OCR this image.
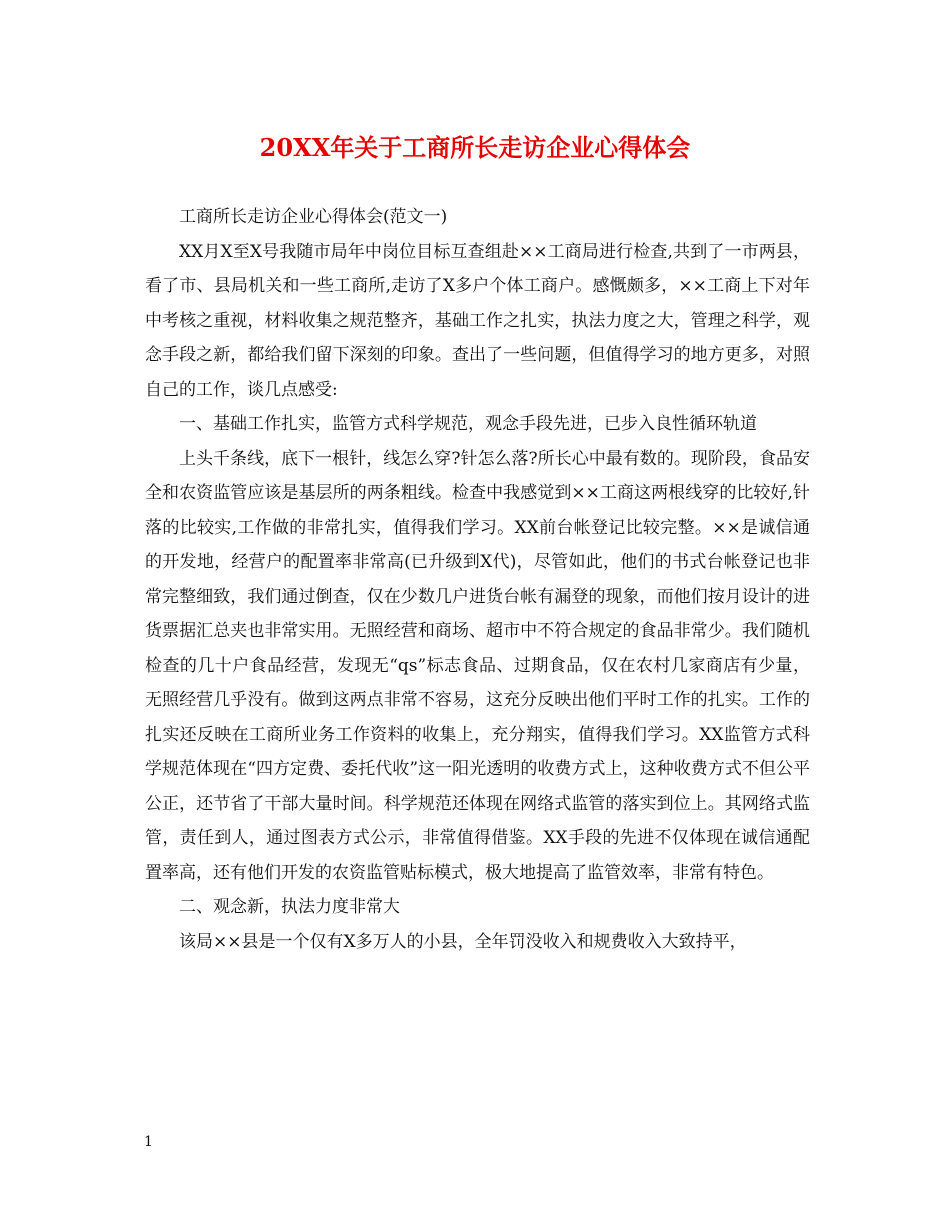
20XX年关于工商所长走访企业心得体会

工商所长走访企业心得体会(范文一)

XX月X至X号我随市局年中岗位目标互查组赴××工商局进行检查,共到了一市两县，看了市、县局机关和一些工商所,走访了X多户个体工商户。感慨颇多，××工商上下对年中考核之重视，材料收集之规范整齐，基础工作之扎实，执法力度之大，管理之科学，观念手段之新，都给我们留下深刻的印象。查出了一些问题，但值得学习的地方更多，对照自己的工作，谈几点感受:

一、基础工作扎实，监管方式科学规范，观念手段先进，已步入良性循环轨道

上头千条线，底下一根针，线怎么穿?针怎么落?所长心中最有数的。现阶段，食品安全和农资监管应该是基层所的两条粗线。检查中我感觉到××工商这两根线穿的比较好,针落的比较实,工作做的非常扎实，值得我们学习。XX前台帐登记比较完整。××是诚信通的开发地，经营户的配置率非常高(已升级到X代)，尽管如此，他们的书式台帐登记也非常完整细致，我们通过倒查，仅在少数几户进货台帐有漏登的现象，而他们按月设计的进货票据汇总夹也非常实用。无照经营和商场、超市中不符合规定的食品非常少。我们随机检查的几十户食品经营，发现无“qs”标志食品、过期食品，仅在农村几家商店有少量，无照经营几乎没有。做到这两点非常不容易，这充分反映出他们平时工作的扎实。工作的扎实还反映在工商所业务工作资料的收集上，充分翔实，值得我们学习。XX监管方式科学规范体现在“四方定费、委托代收”这一阳光透明的收费方式上，这种收费方式不但公平公正，还节省了干部大量时间。科学规范还体现在网络式监管的落实到位上。其网络式监管，责任到人，通过图表方式公示，非常值得借鉴。XX手段的先进不仅体现在诚信通配置率高，还有他们开发的农资监管贴标模式，极大地提高了监管效率，非常有特色。

二、观念新，执法力度非常大

该局××县是一个仅有X多万人的小县，全年罚没收入和规费收入大致持平，

1
